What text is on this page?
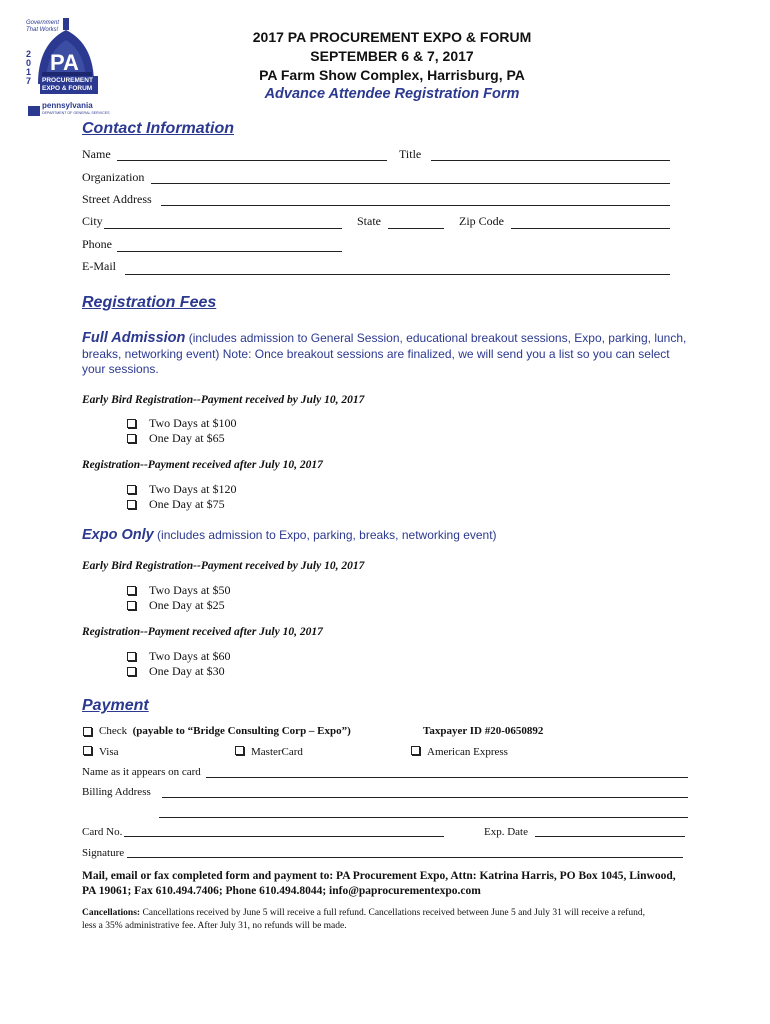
Government
That Works!
PA
2
0
1
7 PROCUREMENT
EXPO & FORUM
pennsylvania
DEPARTMENT OF GENERAL SERVICES
2017 PA PROCUREMENT EXPO & FORUM
SEPTEMBER 6 & 7, 2017
PA Farm Show Complex, Harrisburg, PA
Advance Attendee Registration Form
Contact Information
Name	Title
Organization
Street Address
City	State	Zip Code
Phone
E-Mail
Registration Fees
Full Admission (includes admission to General Session, educational breakout sessions, Expo, parking, lunch, breaks, networking event) Note: Once breakout sessions are finalized, we will send you a list so you can select your sessions.
Early Bird Registration--Payment received by July 10, 2017
Two Days at $100
One Day at $65
Registration--Payment received after July 10, 2017
Two Days at $120
One Day at $75
Expo Only (includes admission to Expo, parking, breaks, networking event)
Early Bird Registration--Payment received by July 10, 2017
Two Days at $50
One Day at $25
Registration--Payment received after July 10, 2017
Two Days at $60
One Day at $30
Payment
Check (payable to “Bridge Consulting Corp – Expo”)	Taxpayer ID #20-0650892
Visa	MasterCard	American Express
Name as it appears on card
Billing Address
Card No.	Exp. Date
Signature
Mail, email or fax completed form and payment to: PA Procurement Expo, Attn: Katrina Harris, PO Box 1045, Linwood,
PA 19061; Fax 610.494.7406; Phone 610.494.8044; info@paprocurementexpo.com
Cancellations: Cancellations received by June 5 will receive a full refund. Cancellations received between June 5 and July 31 will receive a refund,
less a 35% administrative fee. After July 31, no refunds will be made.
